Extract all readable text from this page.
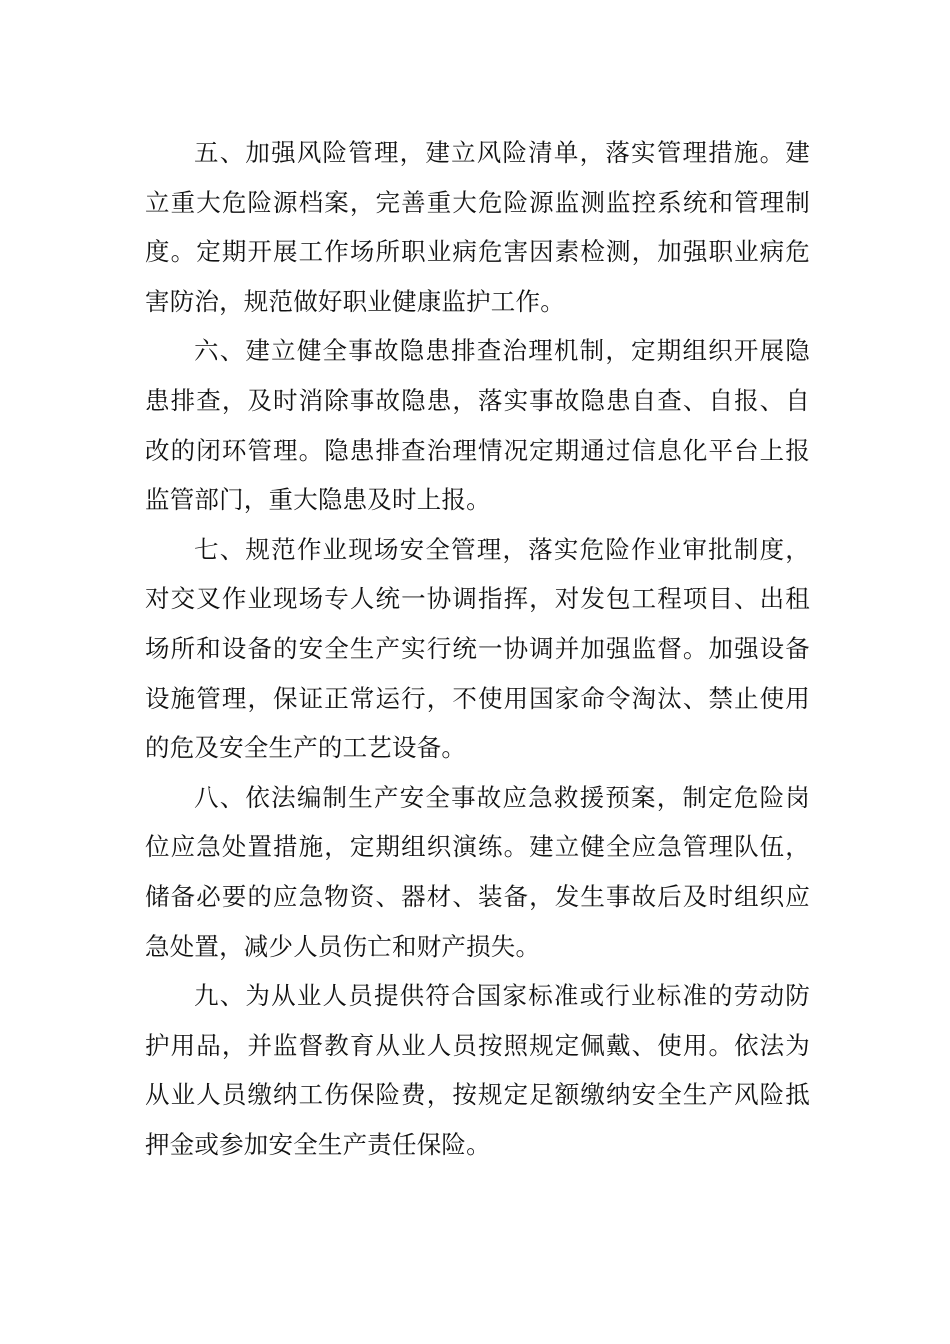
五、加强风险管理，建立风险清单，落实管理措施。建立重大危险源档案，完善重大危险源监测监控系统和管理制度。定期开展工作场所职业病危害因素检测，加强职业病危害防治，规范做好职业健康监护工作。

六、建立健全事故隐患排查治理机制，定期组织开展隐患排查，及时消除事故隐患，落实事故隐患自查、自报、自改的闭环管理。隐患排查治理情况定期通过信息化平台上报监管部门，重大隐患及时上报。

七、规范作业现场安全管理，落实危险作业审批制度，对交叉作业现场专人统一协调指挥，对发包工程项目、出租场所和设备的安全生产实行统一协调并加强监督。加强设备设施管理，保证正常运行，不使用国家命令淘汰、禁止使用的危及安全生产的工艺设备。

八、依法编制生产安全事故应急救援预案，制定危险岗位应急处置措施，定期组织演练。建立健全应急管理队伍，储备必要的应急物资、器材、装备，发生事故后及时组织应急处置，减少人员伤亡和财产损失。

九、为从业人员提供符合国家标准或行业标准的劳动防护用品，并监督教育从业人员按照规定佩戴、使用。依法为从业人员缴纳工伤保险费，按规定足额缴纳安全生产风险抵押金或参加安全生产责任保险。
